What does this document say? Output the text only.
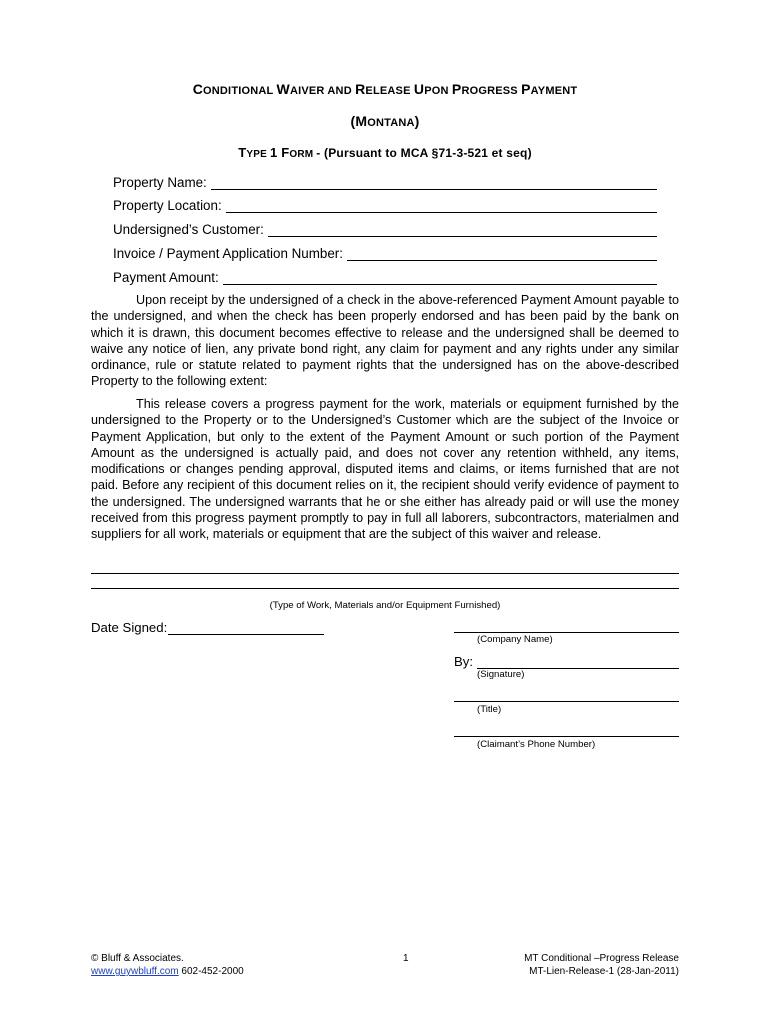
CONDITIONAL WAIVER AND RELEASE UPON PROGRESS PAYMENT
(MONTANA)
TYPE 1 FORM - (Pursuant to MCA §71-3-521 et seq)
Property Name:
Property Location:
Undersigned’s Customer:
Invoice / Payment Application Number:
Payment Amount:

Upon receipt by the undersigned of a check in the above-referenced Payment Amount payable to the undersigned, and when the check has been properly endorsed and has been paid by the bank on which it is drawn, this document becomes effective to release and the undersigned shall be deemed to waive any notice of lien, any private bond right, any claim for payment and any rights under any similar ordinance, rule or statute related to payment rights that the undersigned has on the above-described Property to the following extent:

This release covers a progress payment for the work, materials or equipment furnished by the undersigned to the Property or to the Undersigned’s Customer which are the subject of the Invoice or Payment Application, but only to the extent of the Payment Amount or such portion of the Payment Amount as the undersigned is actually paid, and does not cover any retention withheld, any items, modifications or changes pending approval, disputed items and claims, or items furnished that are not paid. Before any recipient of this document relies on it, the recipient should verify evidence of payment to the undersigned. The undersigned warrants that he or she either has already paid or will use the money received from this progress payment promptly to pay in full all laborers, subcontractors, materialmen and suppliers for all work, materials or equipment that are the subject of this waiver and release.

(Type of Work, Materials and/or Equipment Furnished)
Date Signed:
(Company Name)
By:
(Signature)
(Title)
(Claimant’s Phone Number)
© Bluff & Associates.
www.guywbluff.com 602-452-2000
1	MT Conditional –Progress Release
MT-Lien-Release-1 (28-Jan-2011)
